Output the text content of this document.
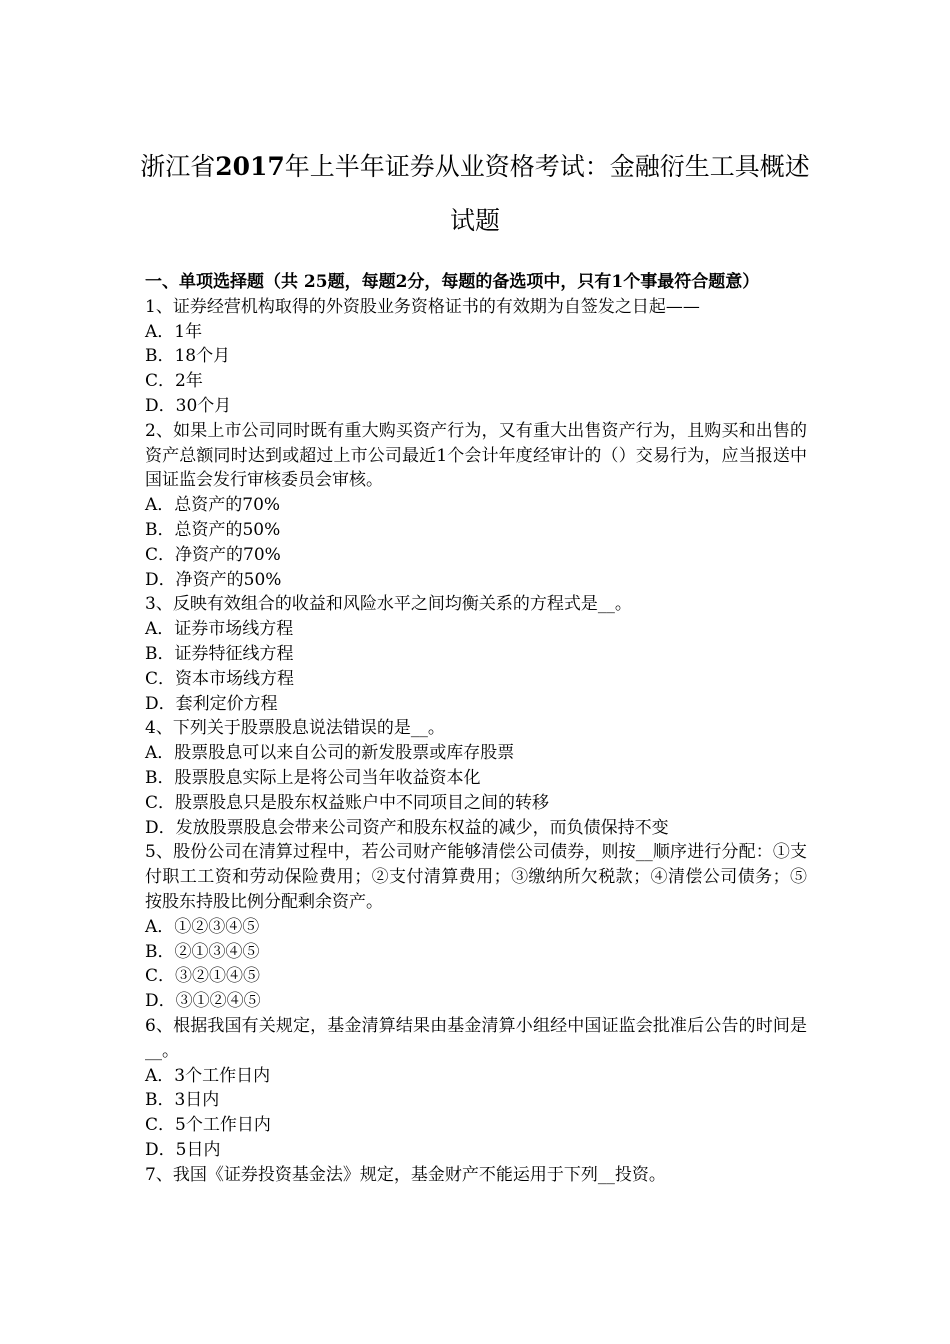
浙江省2017年上半年证券从业资格考试：金融衍生工具概述试题
一、单项选择题（共 25题，每题2分，每题的备选项中，只有1个事最符合题意）
1、证券经营机构取得的外资股业务资格证书的有效期为自签发之日起——
A．1年
B．18个月
C．2年
D．30个月
2、如果上市公司同时既有重大购买资产行为，又有重大出售资产行为，且购买和出售的资产总额同时达到或超过上市公司最近1个会计年度经审计的（）交易行为，应当报送中国证监会发行审核委员会审核。
A．总资产的70%
B．总资产的50%
C．净资产的70%
D．净资产的50%
3、反映有效组合的收益和风险水平之间均衡关系的方程式是__。
A．证券市场线方程
B．证券特征线方程
C．资本市场线方程
D．套利定价方程
4、下列关于股票股息说法错误的是__。
A．股票股息可以来自公司的新发股票或库存股票
B．股票股息实际上是将公司当年收益资本化
C．股票股息只是股东权益账户中不同项目之间的转移
D．发放股票股息会带来公司资产和股东权益的减少，而负债保持不变
5、股份公司在清算过程中，若公司财产能够清偿公司债券，则按__顺序进行分配：①支付职工工资和劳动保险费用；②支付清算费用；③缴纳所欠税款；④清偿公司债务；⑤按股东持股比例分配剩余资产。
A．①②③④⑤
B．②①③④⑤
C．③②①④⑤
D．③①②④⑤
6、根据我国有关规定，基金清算结果由基金清算小组经中国证监会批准后公告的时间是__。
A．3个工作日内
B．3日内
C．5个工作日内
D．5日内
7、我国《证券投资基金法》规定，基金财产不能运用于下列__投资。
